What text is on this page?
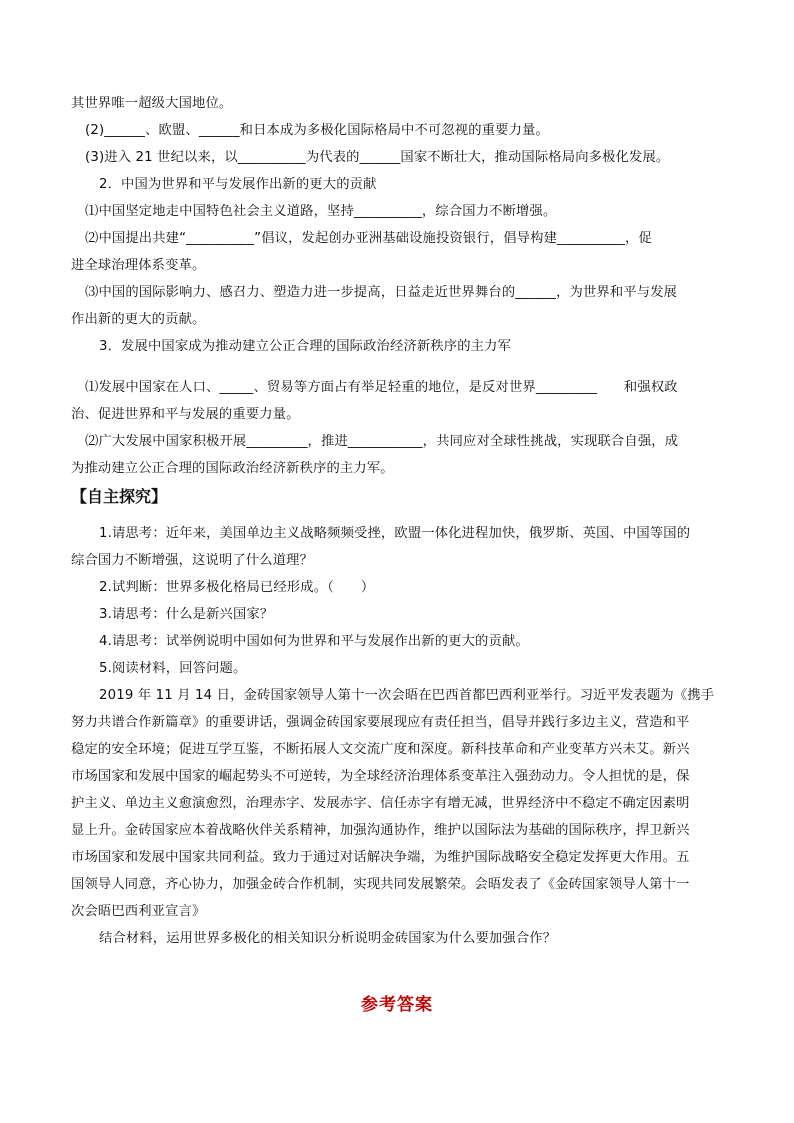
其世界唯一超级大国地位。
(2)______、欧盟、______和日本成为多极化国际格局中不可忽视的重要力量。
(3)进入 21 世纪以来，以__________为代表的______国家不断壮大，推动国际格局向多极化发展。
2．中国为世界和平与发展作出新的更大的贡献
⑴中国坚定地走中国特色社会主义道路，坚持__________，综合国力不断增强。
⑵中国提出共建“__________”倡议，发起创办亚洲基础设施投资银行，倡导构建__________，促
进全球治理体系变革。
⑶中国的国际影响力、感召力、塑造力进一步提高，日益走近世界舞台的______，为世界和平与发展
作出新的更大的贡献。
3．发展中国家成为推动建立公正合理的国际政治经济新秩序的主力军
⑴发展中国家在人口、_____、贸易等方面占有举足轻重的地位，是反对世界_________　　和强权政
治、促进世界和平与发展的重要力量。
⑵广大发展中国家积极开展_________，推进___________，共同应对全球性挑战，实现联合自强，成
为推动建立公正合理的国际政治经济新秩序的主力军。
【自主探究】
1.请思考：近年来，美国单边主义战略频频受挫，欧盟一体化进程加快，俄罗斯、英国、中国等国的
综合国力不断增强，这说明了什么道理？
2.试判断：世界多极化格局已经形成。（　　）
3.请思考：什么是新兴国家？
4.请思考：试举例说明中国如何为世界和平与发展作出新的更大的贡献。
5.阅读材料，回答问题。
2019 年 11 月 14 日，金砖国家领导人第十一次会晤在巴西首都巴西利亚举行。习近平发表题为《携手
努力共谱合作新篇章》的重要讲话，强调金砖国家要展现应有责任担当，倡导并践行多边主义，营造和平
稳定的安全环境；促进互学互鉴，不断拓展人文交流广度和深度。新科技革命和产业变革方兴未艾。新兴
市场国家和发展中国家的崛起势头不可逆转，为全球经济治理体系变革注入强劲动力。令人担忧的是，保
护主义、单边主义愈演愈烈，治理赤字、发展赤字、信任赤字有增无减，世界经济中不稳定不确定因素明
显上升。金砖国家应本着战略伙伴关系精神，加强沟通协作，维护以国际法为基础的国际秩序，捍卫新兴
市场国家和发展中国家共同利益。致力于通过对话解决争端，为维护国际战略安全稳定发挥更大作用。五
国领导人同意，齐心协力，加强金砖合作机制，实现共同发展繁荣。会晤发表了《金砖国家领导人第十一
次会晤巴西利亚宣言》
结合材料，运用世界多极化的相关知识分析说明金砖国家为什么要加强合作？
参考答案
